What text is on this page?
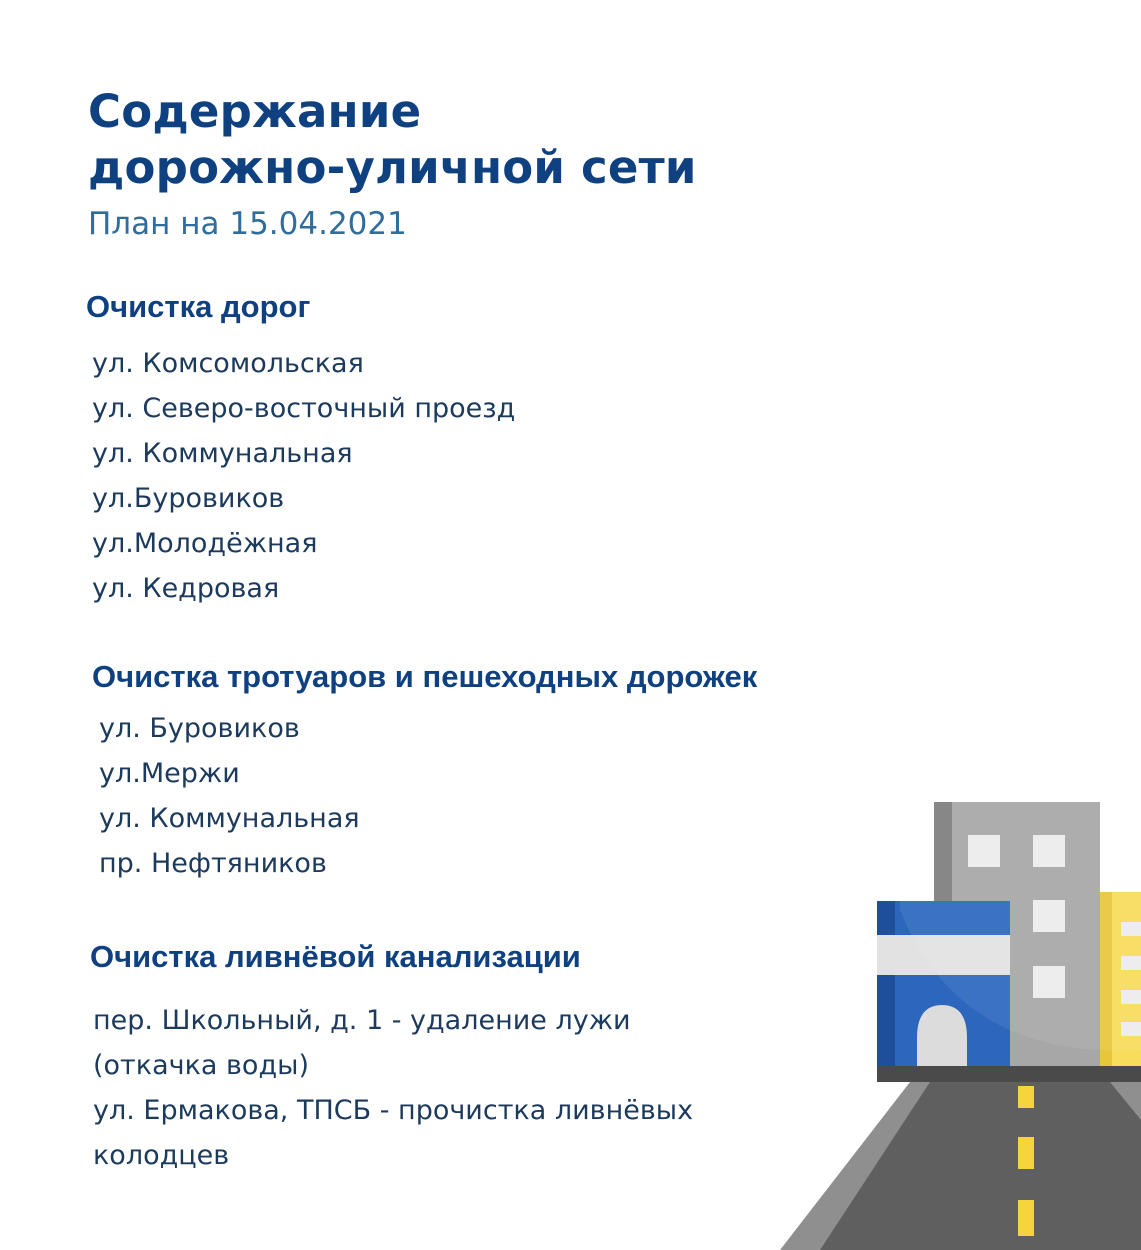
Содержание
дорожно-уличной сети

План на 15.04.2021

Очистка дорог
ул. Комсомольская
ул. Северо-восточный проезд
ул. Коммунальная
ул.Буровиков
ул.Молодёжная
ул. Кедровая
Очистка тротуаров и пешеходных дорожек
ул. Буровиков
ул.Мержи
ул. Коммунальная
пр. Нефтяников
Очистка ливнёвой канализации
пер. Школьный, д. 1 - удаление лужи
(откачка воды)
ул. Ермакова, ТПСБ - прочистка ливнёвых
колодцев
